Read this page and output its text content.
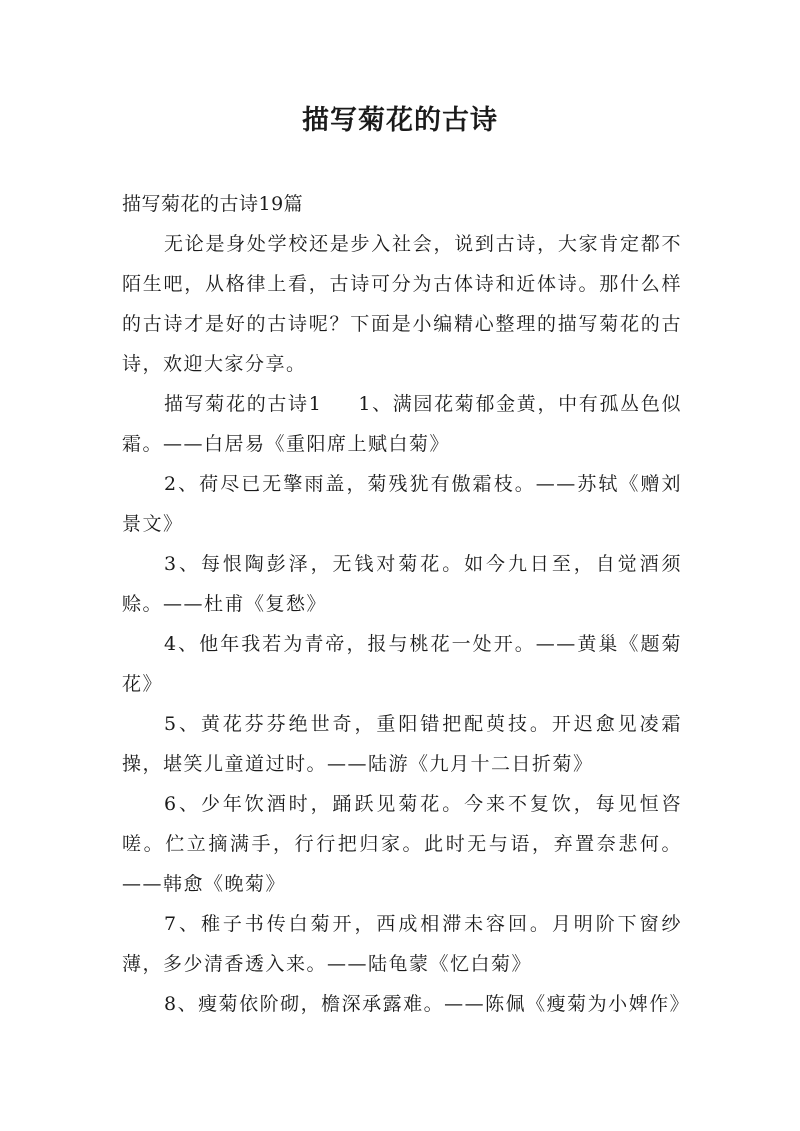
描写菊花的古诗

描写菊花的古诗19篇

无论是身处学校还是步入社会，说到古诗，大家肯定都不陌生吧，从格律上看，古诗可分为古体诗和近体诗。那什么样的古诗才是好的古诗呢？下面是小编精心整理的描写菊花的古诗，欢迎大家分享。

描写菊花的古诗1 1、满园花菊郁金黄，中有孤丛色似霜。——白居易《重阳席上赋白菊》
2、荷尽已无擎雨盖，菊残犹有傲霜枝。——苏轼《赠刘景文》
3、每恨陶彭泽，无钱对菊花。如今九日至，自觉酒须赊。——杜甫《复愁》
4、他年我若为青帝，报与桃花一处开。——黄巢《题菊花》
5、黄花芬芬绝世奇，重阳错把配萸技。开迟愈见凌霜操，堪笑儿童道过时。——陆游《九月十二日折菊》
6、少年饮酒时，踊跃见菊花。今来不复饮，每见恒咨嗟。伫立摘满手，行行把归家。此时无与语，弃置奈悲何。——韩愈《晚菊》
7、稚子书传白菊开，西成相滞未容回。月明阶下窗纱薄，多少清香透入来。——陆龟蒙《忆白菊》
8、瘦菊依阶砌，檐深承露难。——陈佩《瘦菊为小婢作》
